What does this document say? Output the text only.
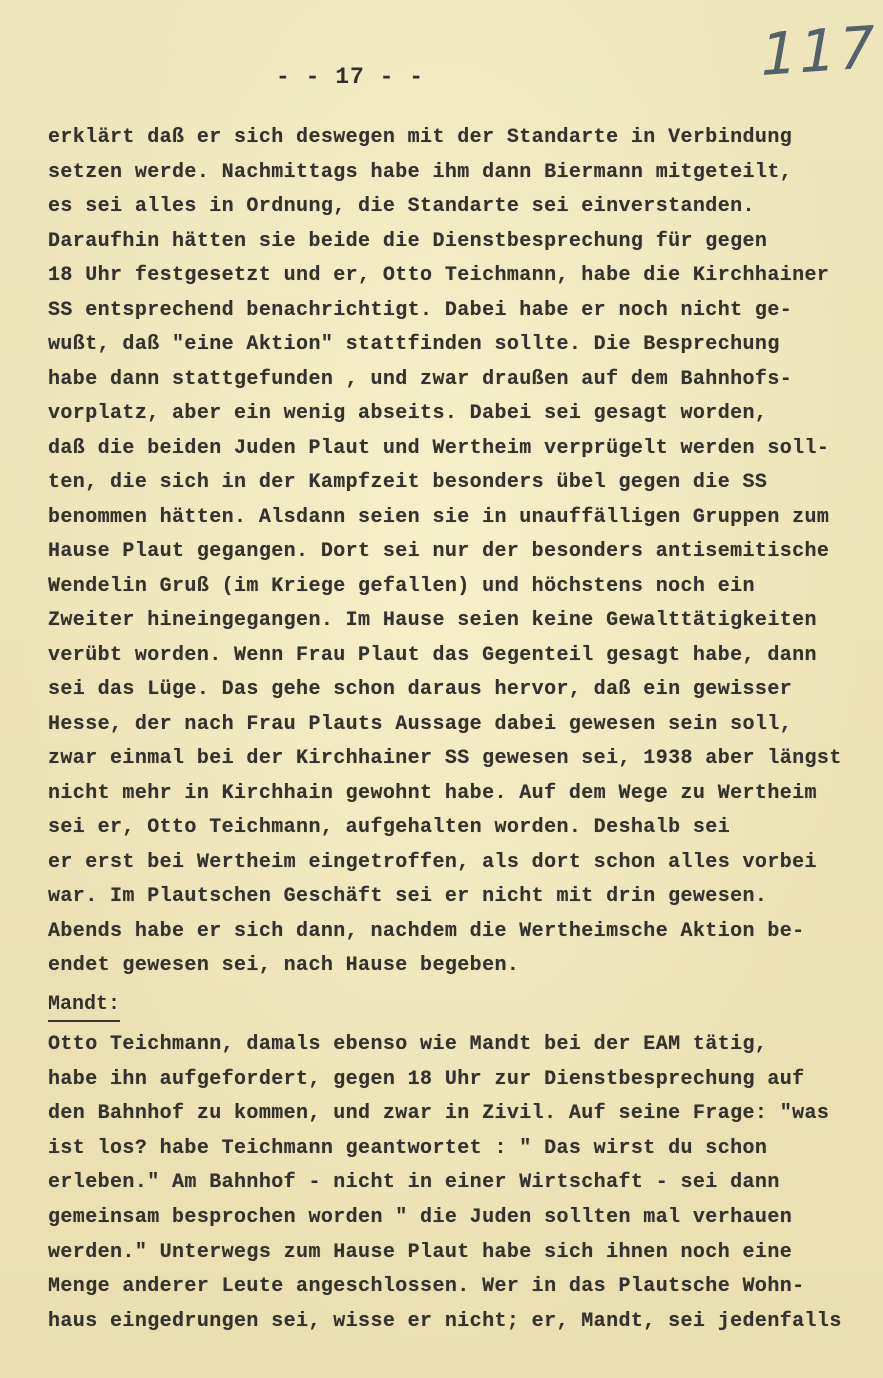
117
- - 17 - -
erklärt daß er sich deswegen mit der Standarte in Verbindung
setzen werde. Nachmittags habe ihm dann Biermann mitgeteilt,
es sei alles in Ordnung, die Standarte sei einverstanden.
Daraufhin hätten sie beide die Dienstbesprechung für gegen
18 Uhr festgesetzt und er, Otto Teichmann, habe die Kirchhainer
SS entsprechend benachrichtigt. Dabei habe er noch nicht ge-
wußt, daß "eine Aktion" stattfinden sollte. Die Besprechung
habe dann stattgefunden , und zwar draußen auf dem Bahnhofs-
vorplatz, aber ein wenig abseits. Dabei sei gesagt worden,
daß die beiden Juden Plaut und Wertheim verprügelt werden soll-
ten, die sich in der Kampfzeit besonders übel gegen die SS
benommen hätten. Alsdann seien sie in unauffälligen Gruppen zum
Hause Plaut gegangen. Dort sei nur der besonders antisemitische
Wendelin Gruß (im Kriege gefallen) und höchstens noch ein
Zweiter hineingegangen. Im Hause seien keine Gewalttätigkeiten
verübt worden. Wenn Frau Plaut das Gegenteil gesagt habe, dann
sei das Lüge. Das gehe schon daraus hervor, daß ein gewisser
Hesse, der nach Frau Plauts Aussage dabei gewesen sein soll,
zwar einmal bei der Kirchhainer SS gewesen sei, 1938 aber längst
nicht mehr in Kirchhain gewohnt habe. Auf dem Wege zu Wertheim
sei er, Otto Teichmann, aufgehalten worden. Deshalb sei
er erst bei Wertheim eingetroffen, als dort schon alles vorbei
war. Im Plautschen Geschäft sei er nicht mit drin gewesen.
Abends habe er sich dann, nachdem die Wertheimsche Aktion be-
endet gewesen sei, nach Hause begeben.
Mandt:
Otto Teichmann, damals ebenso wie Mandt bei der EAM tätig,
habe ihn aufgefordert, gegen 18 Uhr zur Dienstbesprechung auf
den Bahnhof zu kommen, und zwar in Zivil. Auf seine Frage: "was
ist los? habe Teichmann geantwortet : " Das wirst du schon
erleben." Am Bahnhof - nicht in einer Wirtschaft - sei dann
gemeinsam besprochen worden " die Juden sollten mal verhauen
werden." Unterwegs zum Hause Plaut habe sich ihnen noch eine
Menge anderer Leute angeschlossen. Wer in das Plautsche Wohn-
haus eingedrungen sei, wisse er nicht; er, Mandt, sei jedenfalls
